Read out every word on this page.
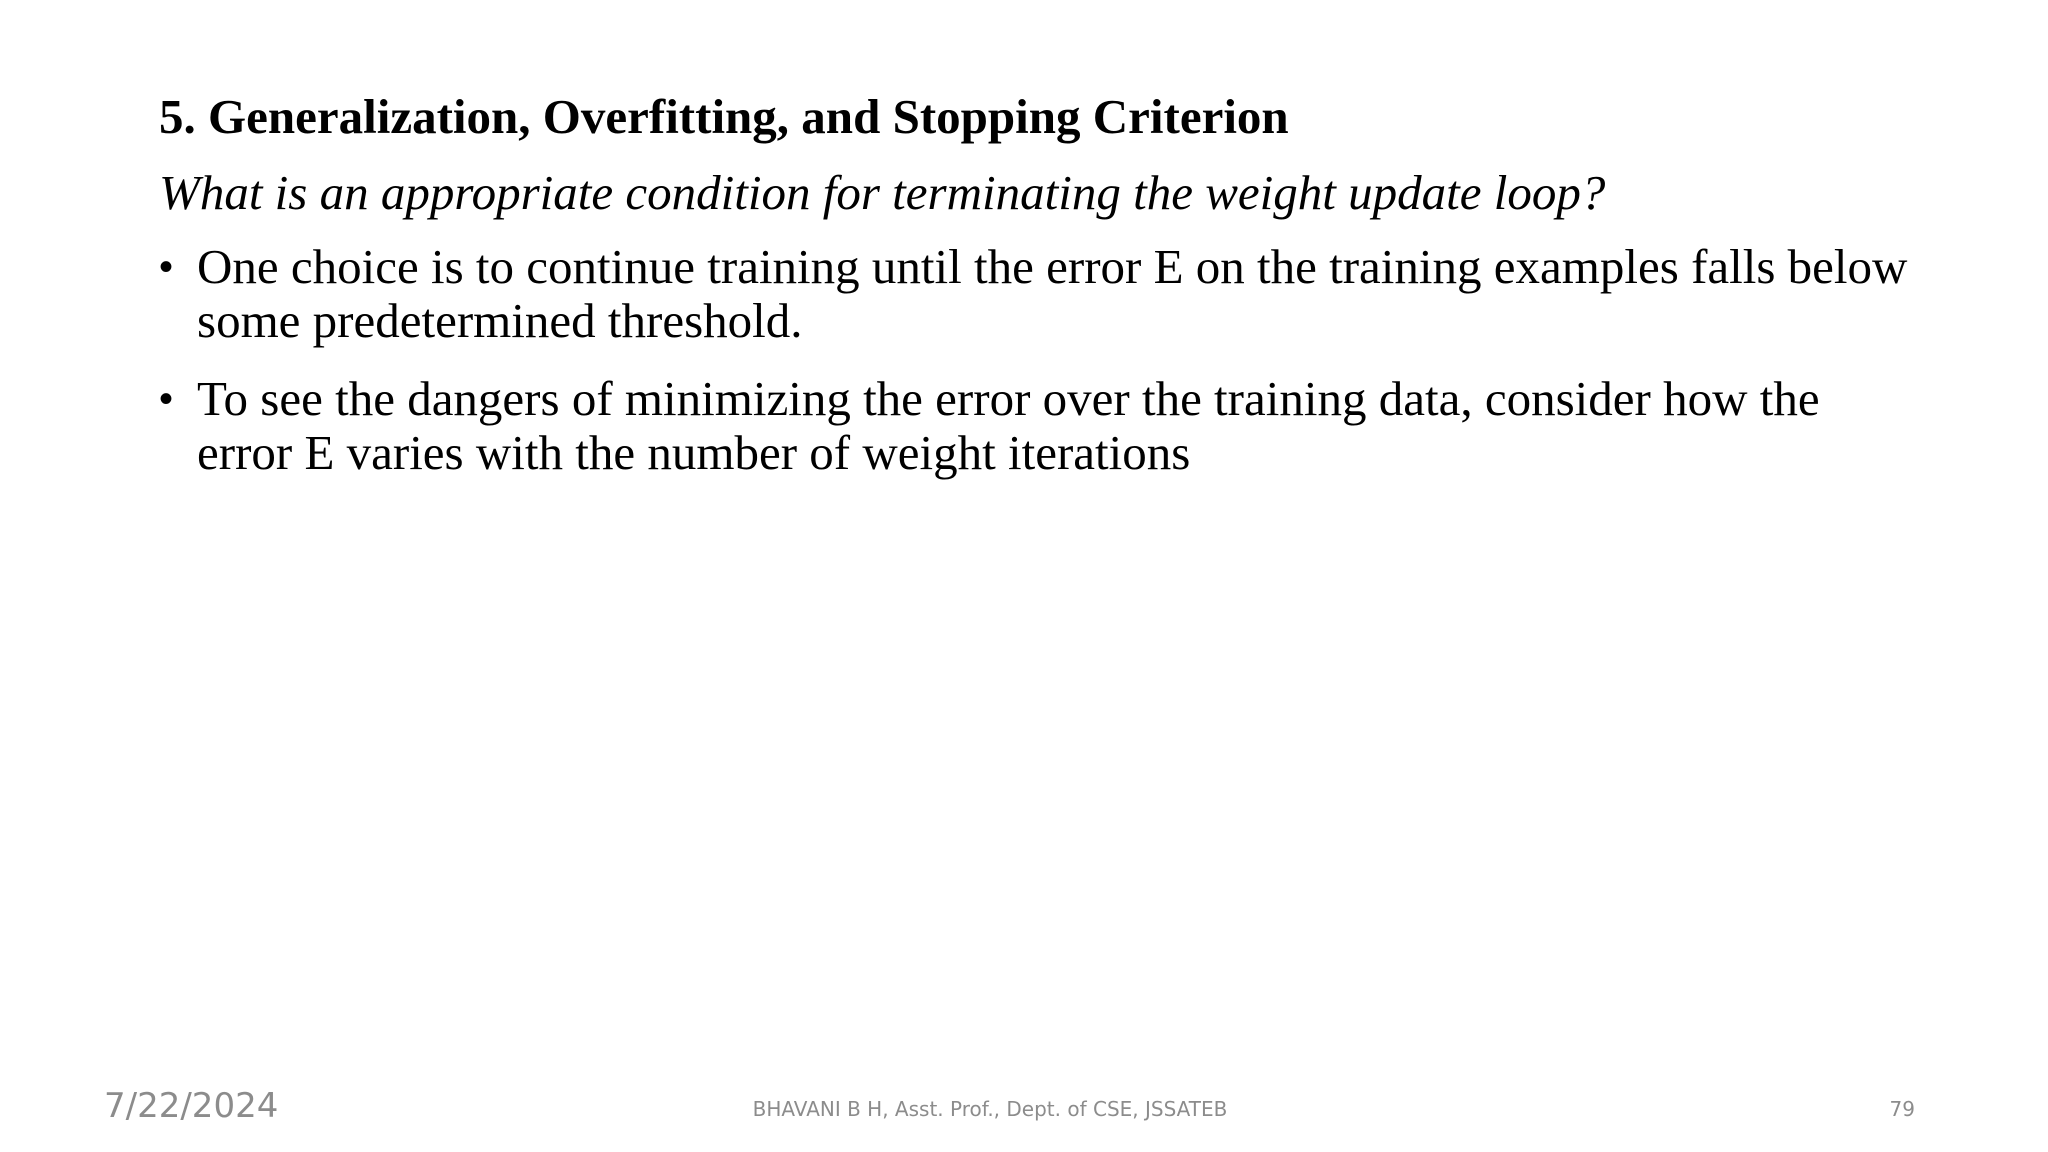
5. Generalization, Overfitting, and Stopping Criterion

What is an appropriate condition for terminating the weight update loop?

• One choice is to continue training until the error E on the training examples falls below some predetermined threshold.
• To see the dangers of minimizing the error over the training data, consider how the error E varies with the number of weight iterations
7/22/2024	BHAVANI B H, Asst. Prof., Dept. of CSE, JSSATEB	79
